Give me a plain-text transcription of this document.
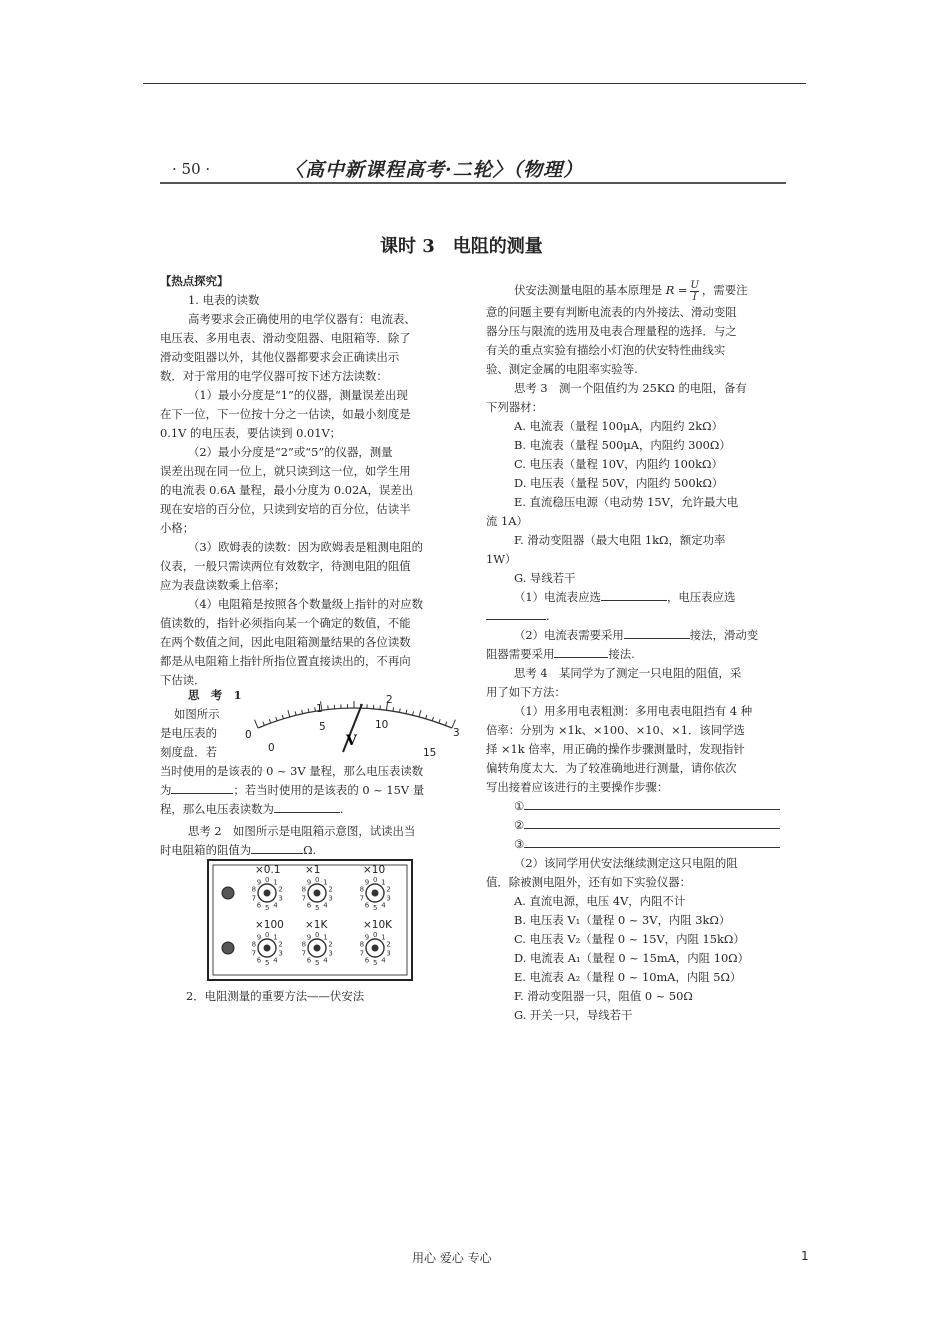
· 50 ·	〈高中新课程高考·二轮〉（物理）
课时 3　电阻的测量

【热点探究】

1. 电表的读数

高考要求会正确使用的电学仪器有：电流表、

电压表、多用电表、滑动变阻器、电阻箱等．除了

滑动变阻器以外，其他仪器都要求会正确读出示

数．对于常用的电学仪器可按下述方法读数：

（1）最小分度是“1”的仪器，测量误差出现

在下一位，下一位按十分之一估读，如最小刻度是

0.1V 的电压表，要估读到 0.01V；

（2）最小分度是“2”或“5”的仪器，测量

误差出现在同一位上，就只读到这一位，如学生用

的电流表 0.6A 量程，最小分度为 0.02A，误差出

现在安培的百分位，只读到安培的百分位，估读半

小格；

（3）欧姆表的读数：因为欧姆表是粗测电阻的

仪表，一般只需读两位有效数字，待测电阻的阻值

应为表盘读数乘上倍率；

（4）电阻箱是按照各个数量级上指针的对应数

值读数的，指针必须指向某一个确定的数值，不能

在两个数值之间，因此电阻箱测量结果的各位读数

都是从电阻箱上指针所指位置直接读出的，不再向

下估读．

思　考　1

如图所示

是电压表的

刻度盘．若

0
1
2
3
0
5	10
15
V

当时使用的是该表的 0 ~ 3V 量程，那么电压表读数

为	；若当时使用的是该表的 0 ~ 15V 量

程，那么电压表读数为	.

思考 2　如图所示是电阻箱示意图，试读出当

时电阻箱的阻值为	Ω.

×0.1
0 1
2
3
4
5
6
7
8
9
×1
0 1
2
3
4
5
6
7
8
9
×10
0 1
2
3
4
5
6
7
8
9
×100
0 1
2
3
4
5
6
7
8
9
×1K
0 1
2
3
4
5
6
7
8
9
×10K
0 1
2
3
4
5
6
7
8
9

2．电阻测量的重要方法——伏安法

伏安法测量电阻的基本原理是 $R = \frac{U}{I}$ ，需要注

意的问题主要有判断电流表的内外接法、滑动变阻

器分压与限流的选用及电表合理量程的选择．与之

有关的重点实验有描绘小灯泡的伏安特性曲线实

验、测定金属的电阻率实验等.

思考 3　测一个阻值约为 25KΩ 的电阻，备有

下列器材：

A. 电流表（量程 100μA，内阻约 2kΩ）

B. 电流表（量程 500μA，内阻约 300Ω）

C. 电压表（量程 10V，内阻约 100kΩ）

D. 电压表（量程 50V，内阻约 500kΩ）

E. 直流稳压电源（电动势 15V，允许最大电

流 1A）

F. 滑动变阻器（最大电阻 1kΩ，额定功率

1W）

G. 导线若干

（1）电流表应选	，电压表应选

.

（2）电流表需要采用	接法，滑动变

阻器需要采用	接法.

思考 4　某同学为了测定一只电阻的阻值，采

用了如下方法：

（1）用多用电表粗测：多用电表电阻挡有 4 种

倍率：分别为 ×1k、×100、×10、×1．该同学选

择 ×1k 倍率，用正确的操作步骤测量时，发现指针

偏转角度太大．为了较准确地进行测量，请你依次

写出接着应该进行的主要操作步骤：

①

②

③

（2）该同学用伏安法继续测定这只电阻的阻

值．除被测电阻外，还有如下实验仪器：

A. 直流电源，电压 4V，内阻不计

B. 电压表 V₁（量程 0 ~ 3V，内阻 3kΩ）

C. 电压表 V₂（量程 0 ~ 15V，内阻 15kΩ）

D. 电流表 A₁（量程 0 ~ 15mA，内阻 10Ω）

E. 电流表 A₂（量程 0 ~ 10mA，内阻 5Ω）

F. 滑动变阻器一只，阻值 0 ~ 50Ω

G. 开关一只，导线若干

用心 爱心 专心	1
